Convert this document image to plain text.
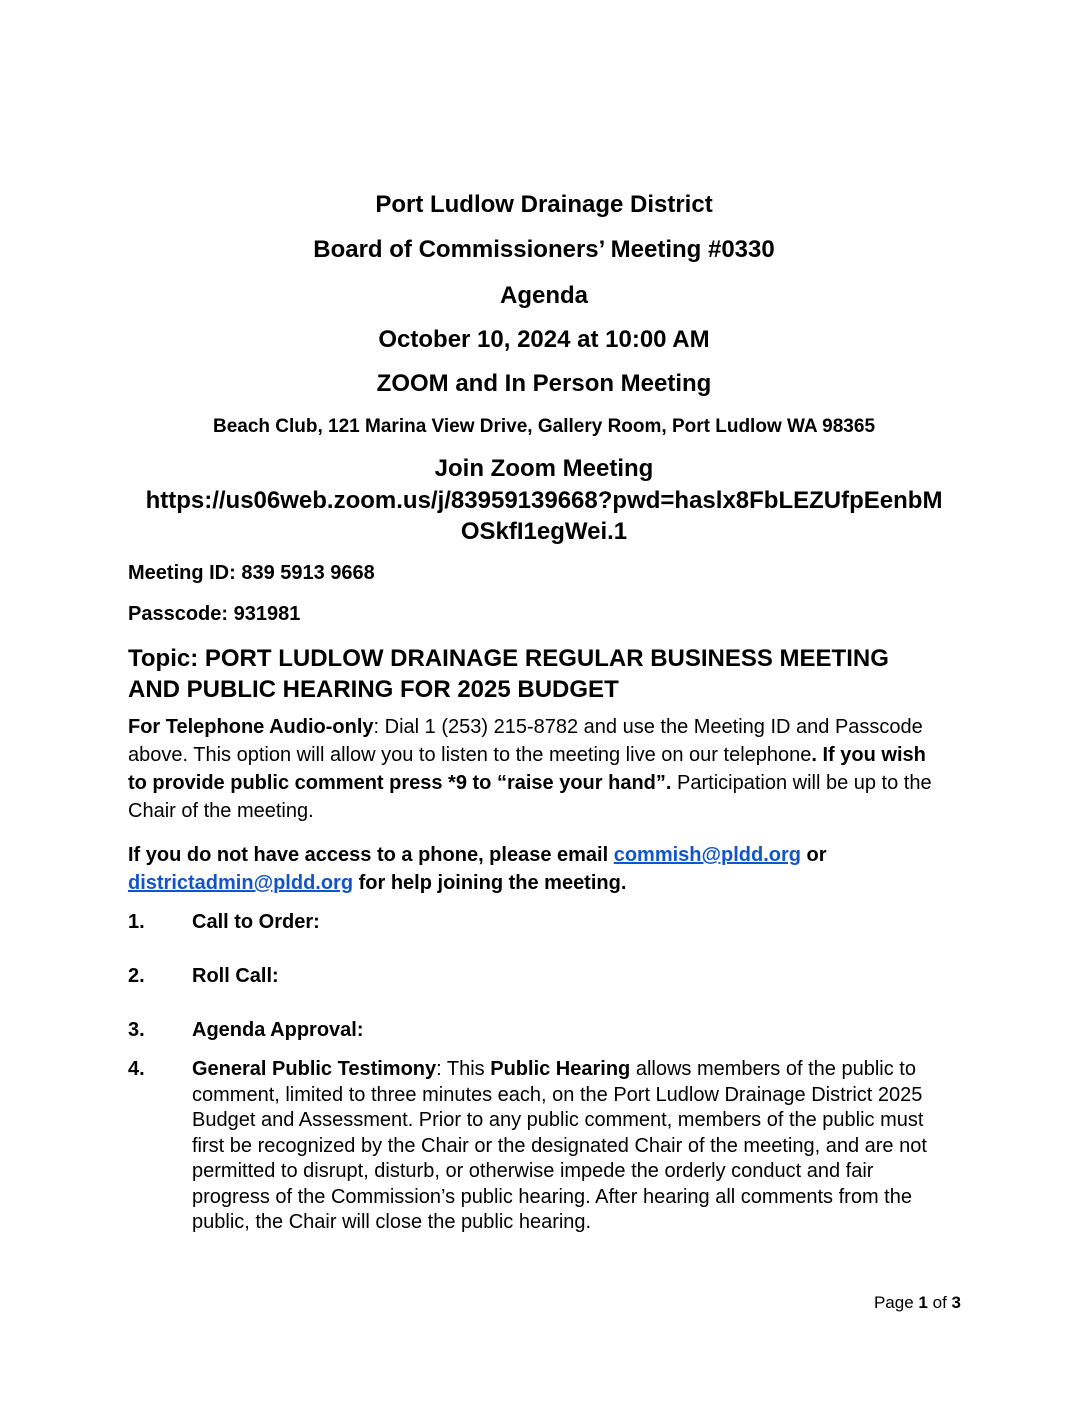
Port Ludlow Drainage District
Board of Commissioners’ Meeting #0330
Agenda
October 10, 2024 at 10:00 AM
ZOOM and In Person Meeting
Beach Club, 121 Marina View Drive, Gallery Room, Port Ludlow WA 98365
Join Zoom Meeting
https://us06web.zoom.us/j/83959139668?pwd=haslx8FbLEZUfpEenbM
OSkfI1egWei.1
Meeting ID: 839 5913 9668
Passcode: 931981
Topic: PORT LUDLOW DRAINAGE REGULAR BUSINESS MEETING
AND PUBLIC HEARING FOR 2025 BUDGET
For Telephone Audio-only: Dial 1 (253) 215-8782 and use the Meeting ID and Passcode above. This option will allow you to listen to the meeting live on our telephone. If you wish to provide public comment press *9 to “raise your hand”. Participation will be up to the Chair of the meeting.
If you do not have access to a phone, please email commish@pldd.org or districtadmin@pldd.org for help joining the meeting.
1. Call to Order:
2. Roll Call:
3. Agenda Approval:
4. General Public Testimony: This Public Hearing allows members of the public to comment, limited to three minutes each, on the Port Ludlow Drainage District 2025 Budget and Assessment. Prior to any public comment, members of the public must first be recognized by the Chair or the designated Chair of the meeting, and are not permitted to disrupt, disturb, or otherwise impede the orderly conduct and fair progress of the Commission’s public hearing. After hearing all comments from the public, the Chair will close the public hearing.
Page 1 of 3
